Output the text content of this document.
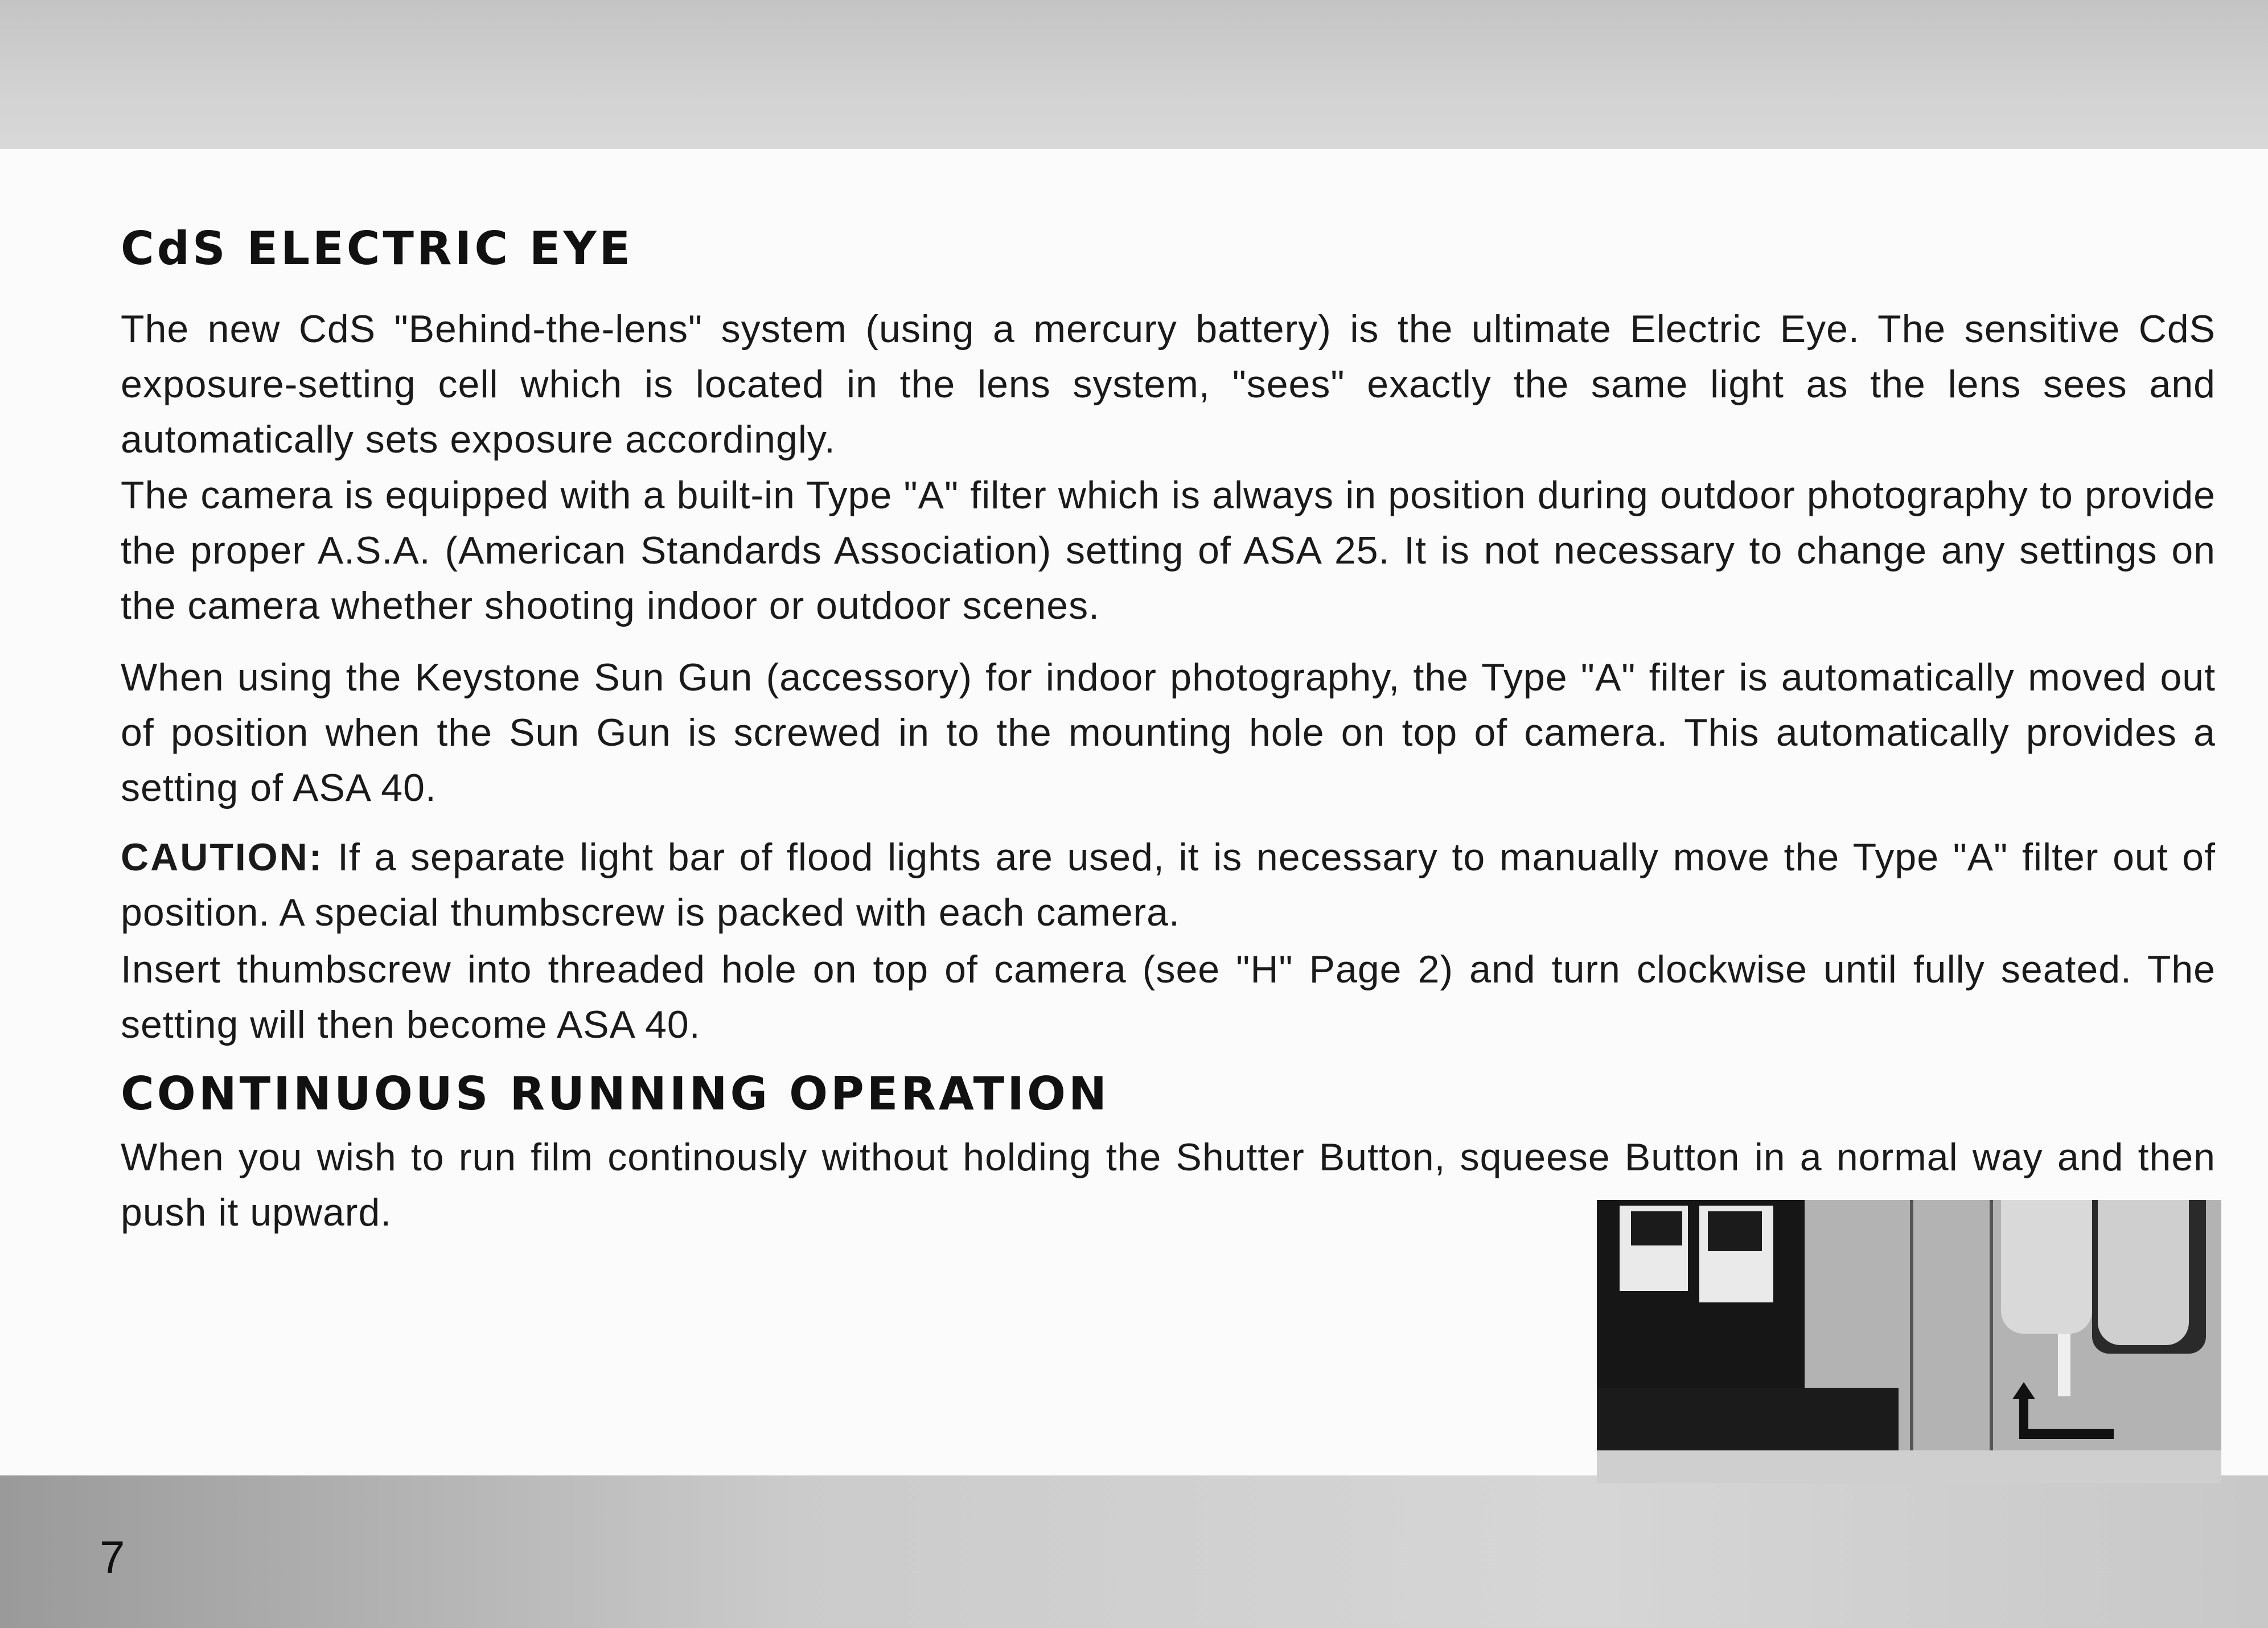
CdS ELECTRIC EYE

The new CdS "Behind-the-lens" system (using a mercury battery) is the ultimate Electric Eye. The sensitive CdS exposure-setting cell which is located in the lens system, "sees" exactly the same light as the lens sees and automatically sets exposure accordingly.

The camera is equipped with a built-in Type "A" filter which is always in position during outdoor photography to provide the proper A.S.A. (American Standards Association) setting of ASA 25. It is not necessary to change any settings on the camera whether shooting indoor or outdoor scenes.

When using the Keystone Sun Gun (accessory) for indoor photography, the Type "A" filter is automatically moved out of position when the Sun Gun is screwed in to the mounting hole on top of camera. This automatically provides a setting of ASA 40.

CAUTION: If a separate light bar of flood lights are used, it is necessary to manually move the Type "A" filter out of position. A special thumbscrew is packed with each camera.

Insert thumbscrew into threaded hole on top of camera (see "H" Page 2) and turn clockwise until fully seated. The setting will then become ASA 40.

CONTINUOUS RUNNING OPERATION

When you wish to run film continously without holding the Shutter Button, squeese Button in a normal way and then push it upward.

7
